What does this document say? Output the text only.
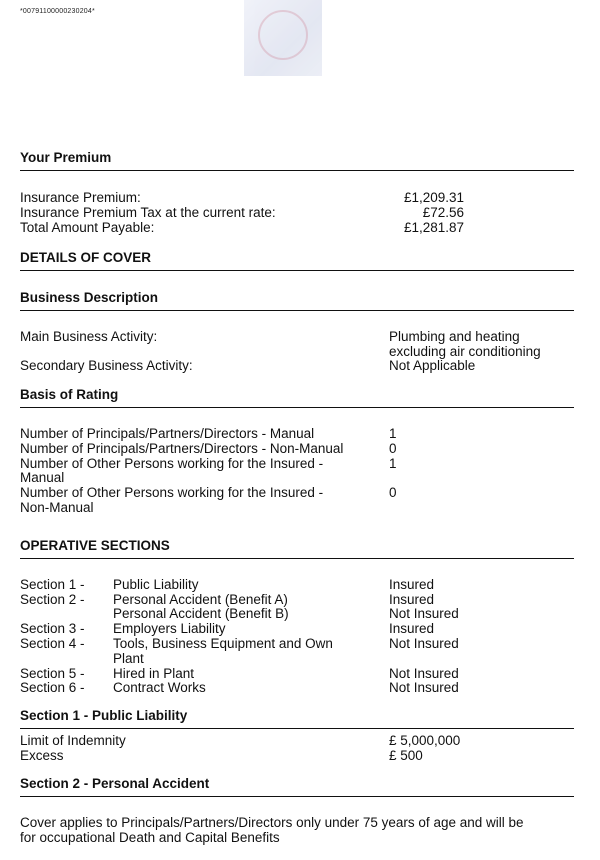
*00791100000230204*
Your Premium
Insurance Premium:	£1,209.31
Insurance Premium Tax at the current rate:	£72.56
Total Amount Payable:	£1,281.87
DETAILS OF COVER
Business Description
Main Business Activity:	Plumbing and heating
excluding air conditioning
Secondary Business Activity:	Not Applicable
Basis of Rating
Number of Principals/Partners/Directors - Manual	1
Number of Principals/Partners/Directors - Non-Manual	0
Number of Other Persons working for the Insured -	1
Manual
Number of Other Persons working for the Insured -	0
Non-Manual
OPERATIVE SECTIONS
Section 1 - Public Liability	Insured
Section 2 - Personal Accident (Benefit A)	Insured
Personal Accident (Benefit B)	Not Insured
Section 3 - Employers Liability	Insured
Section 4 - Tools, Business Equipment and Own	Not Insured
Plant
Section 5 - Hired in Plant	Not Insured
Section 6 - Contract Works	Not Insured
Section 1 - Public Liability
Limit of Indemnity	£ 5,000,000
Excess	£ 500
Section 2 - Personal Accident
Cover applies to Principals/Partners/Directors only under 75 years of age and will be
for occupational Death and Capital Benefits
